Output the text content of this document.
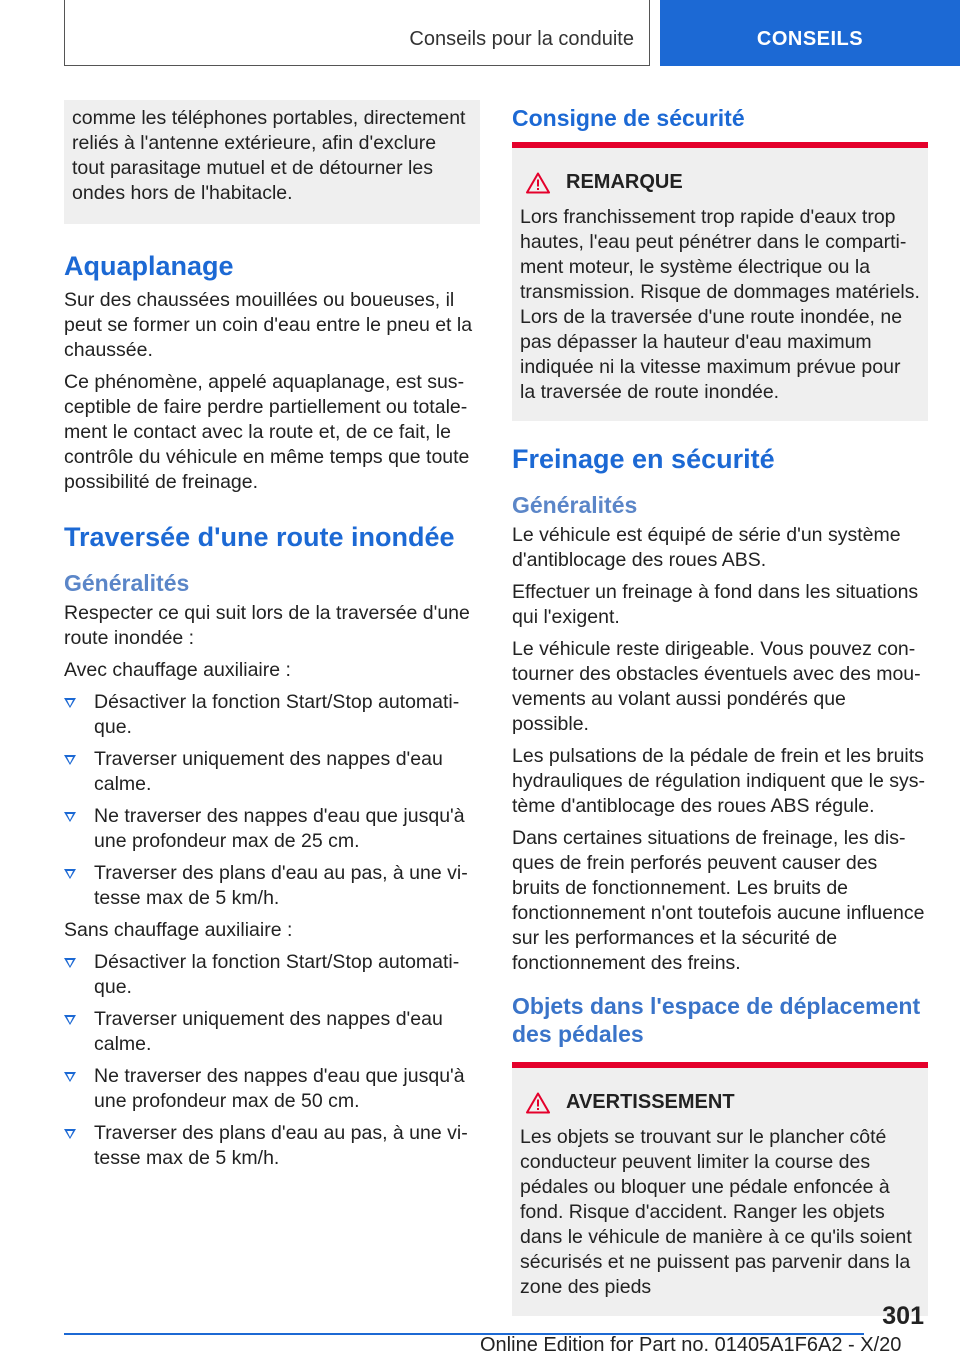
Conseils pour la conduite	CONSEILS

comme les téléphones portables, directement reliés à l'antenne extérieure, afin d'exclure tout parasitage mutuel et de détourner les ondes hors de l'habitacle.

Aquaplanage

Sur des chaussées mouillées ou boueuses, il peut se former un coin d'eau entre le pneu et la chaussée.

Ce phénomène, appelé aquaplanage, est susceptible de faire perdre partiellement ou totalement le contact avec la route et, de ce fait, le contrôle du véhicule en même temps que toute possibilité de freinage.

Traversée d'une route inondée
Généralités

Respecter ce qui suit lors de la traversée d'une route inondée :

Avec chauffage auxiliaire :

Désactiver la fonction Start/Stop automatique.
Traverser uniquement des nappes d'eau calme.
Ne traverser des nappes d'eau que jusqu'à une profondeur max de 25 cm.
Traverser des plans d'eau au pas, à une vitesse max de 5 km/h.

Sans chauffage auxiliaire :

Désactiver la fonction Start/Stop automatique.
Traverser uniquement des nappes d'eau calme.
Ne traverser des nappes d'eau que jusqu'à une profondeur max de 50 cm.
Traverser des plans d'eau au pas, à une vitesse max de 5 km/h.
Consigne de sécurité
REMARQUE

Lors franchissement trop rapide d'eaux trop hautes, l'eau peut pénétrer dans le compartiment moteur, le système électrique ou la transmission. Risque de dommages matériels. Lors de la traversée d'une route inondée, ne pas dépasser la hauteur d'eau maximum indiquée ni la vitesse maximum prévue pour la traversée de route inondée.

Freinage en sécurité
Généralités

Le véhicule est équipé de série d'un système d'antiblocage des roues ABS.

Effectuer un freinage à fond dans les situations qui l'exigent.

Le véhicule reste dirigeable. Vous pouvez contourner des obstacles éventuels avec des mouvements au volant aussi pondérés que possible.

Les pulsations de la pédale de frein et les bruits hydrauliques de régulation indiquent que le système d'antiblocage des roues ABS régule.

Dans certaines situations de freinage, les disques de frein perforés peuvent causer des bruits de fonctionnement. Les bruits de fonctionnement n'ont toutefois aucune influence sur les performances et la sécurité de fonctionnement des freins.

Objets dans l'espace de déplacement des pédales
AVERTISSEMENT

Les objets se trouvant sur le plancher côté conducteur peuvent limiter la course des pédales ou bloquer une pédale enfoncée à fond. Risque d'accident. Ranger les objets dans le véhicule de manière à ce qu'ils soient sécurisés et ne puissent pas parvenir dans la zone des pieds

301
Online Edition for Part no. 01405A1F6A2 - X/20
